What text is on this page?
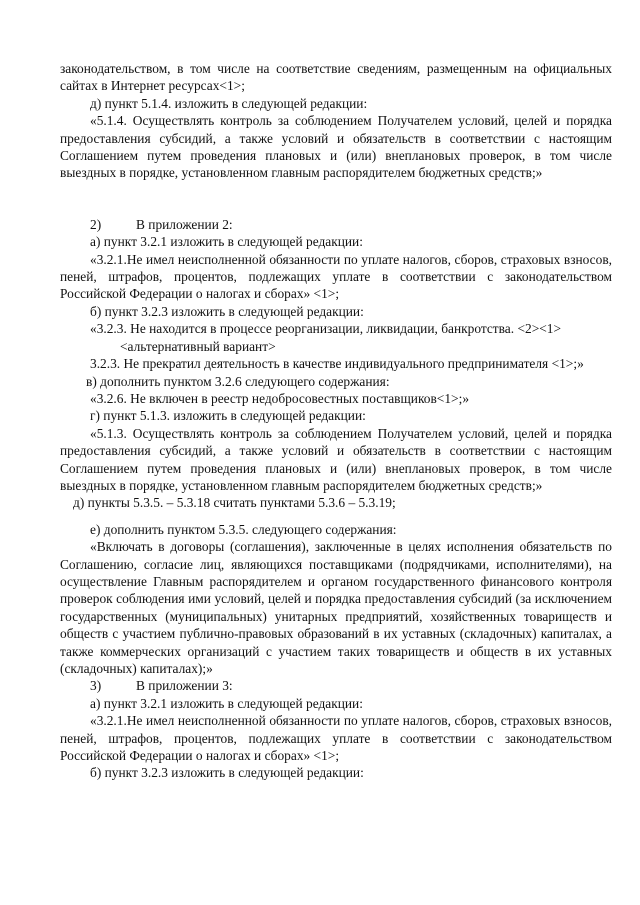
законодательством, в том числе на соответствие сведениям, размещенным на официальных сайтах в Интернет ресурсах<1>;

д) пункт 5.1.4. изложить в следующей редакции:

«5.1.4. Осуществлять контроль за соблюдением Получателем условий, целей и порядка предоставления субсидий, а также условий и обязательств в соответствии с настоящим Соглашением путем проведения плановых и (или) внеплановых проверок, в том числе выездных в порядке, установленном главным распорядителем бюджетных средств;»

2)	В приложении 2:

а) пункт 3.2.1 изложить в следующей редакции:

«3.2.1.Не имел неисполненной обязанности по уплате налогов, сборов, страховых взносов, пеней, штрафов, процентов, подлежащих уплате в соответствии с законодательством Российской Федерации о налогах и сборах» <1>;

б) пункт 3.2.3 изложить в следующей редакции:

«3.2.3. Не находится в процессе реорганизации, ликвидации, банкротства. <2><1>

<альтернативный вариант>

3.2.3. Не прекратил деятельность в качестве индивидуального предпринимателя <1>;»

в) дополнить пунктом 3.2.6 следующего содержания:

«3.2.6. Не включен в реестр недобросовестных поставщиков<1>;»

г) пункт 5.1.3. изложить в следующей редакции:

«5.1.3. Осуществлять контроль за соблюдением Получателем условий, целей и порядка предоставления субсидий, а также условий и обязательств в соответствии с настоящим Соглашением путем проведения плановых и (или) внеплановых проверок, в том числе выездных в порядке, установленном главным распорядителем бюджетных средств;»

д) пункты 5.3.5. – 5.3.18 считать пунктами 5.3.6 – 5.3.19;

е) дополнить пунктом 5.3.5. следующего содержания:

«Включать в договоры (соглашения), заключенные в целях исполнения обязательств по Соглашению, согласие лиц, являющихся поставщиками (подрядчиками, исполнителями), на осуществление Главным распорядителем и органом государственного финансового контроля проверок соблюдения ими условий, целей и порядка предоставления субсидий (за исключением государственных (муниципальных) унитарных предприятий, хозяйственных товариществ и обществ с участием публично-правовых образований в их уставных (складочных) капиталах, а также коммерческих организаций с участием таких товариществ и обществ в их уставных (складочных) капиталах);»

3)	В приложении 3:

а) пункт 3.2.1 изложить в следующей редакции:

«3.2.1.Не имел неисполненной обязанности по уплате налогов, сборов, страховых взносов, пеней, штрафов, процентов, подлежащих уплате в соответствии с законодательством Российской Федерации о налогах и сборах» <1>;

б) пункт 3.2.3 изложить в следующей редакции:
